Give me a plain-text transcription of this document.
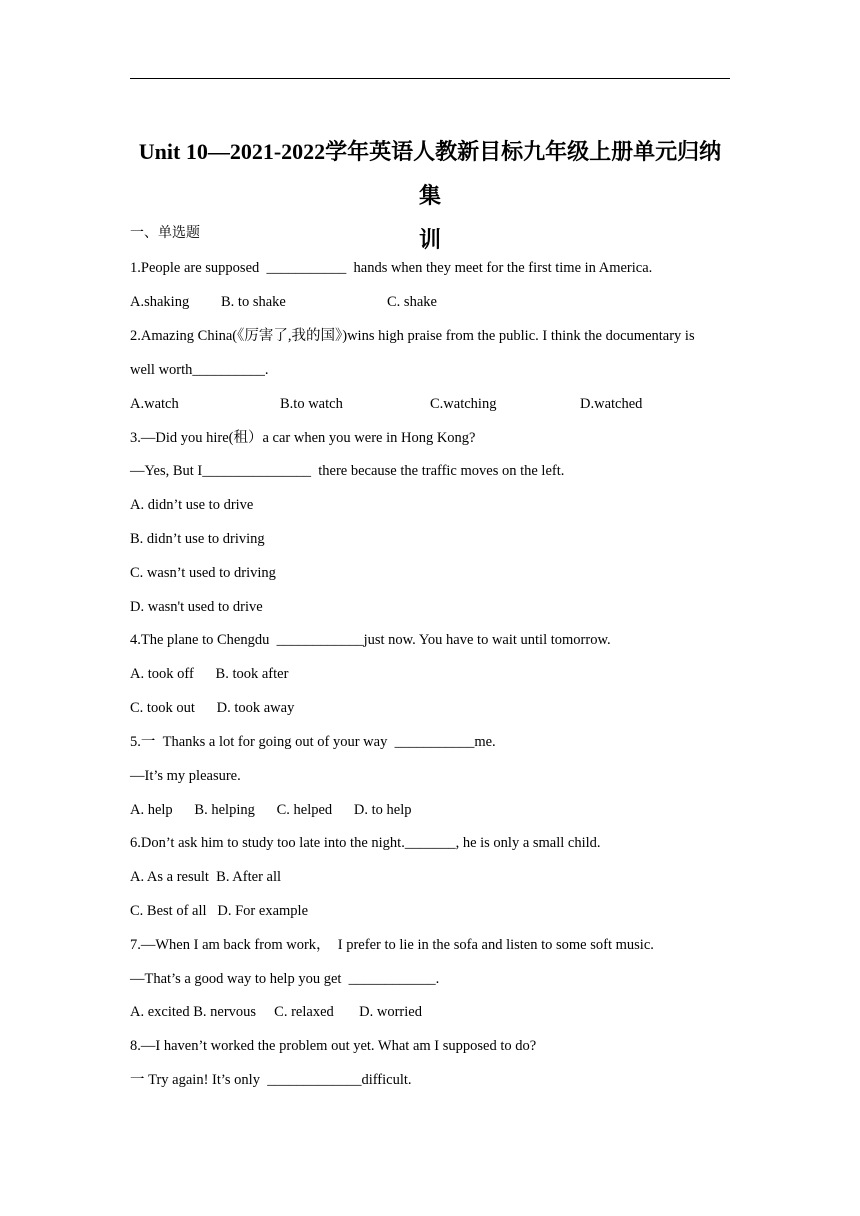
Unit 10—2021-2022学年英语人教新目标九年级上册单元归纳集
训
一、单选题
1.People are supposed  ___________  hands when they meet for the first time in America.
A.shaking B. to shake	C. shake
2.Amazing China(《厉害了,我的国》)wins high praise from the public. I think the documentary is
well worth__________.
A.watch	B.to watch	C.watching	D.watched
3.—Did you hire(租）a car when you were in Hong Kong?
—Yes, But I_______________  there because the traffic moves on the left.
A. didn’t use to drive
B. didn’t use to driving
C. wasn’t used to driving
D. wasn't used to drive
4.The plane to Chengdu  ____________just now. You have to wait until tomorrow.
A. took off      B. took after
C. took out      D. took away
5.一  Thanks a lot for going out of your way  ___________me.
—It’s my pleasure.
A. help      B. helping      C. helped      D. to help
6.Don’t ask him to study too late into the night._______, he is only a small child.
A. As a result  B. After all
C. Best of all   D. For example
7.—When I am back from work，  I prefer to lie in the sofa and listen to some soft music.
—That’s a good way to help you get  ____________.
A. excited B. nervous     C. relaxed       D. worried
8.—I haven’t worked the problem out yet. What am I supposed to do?
一 Try again! It’s only  _____________difficult.
